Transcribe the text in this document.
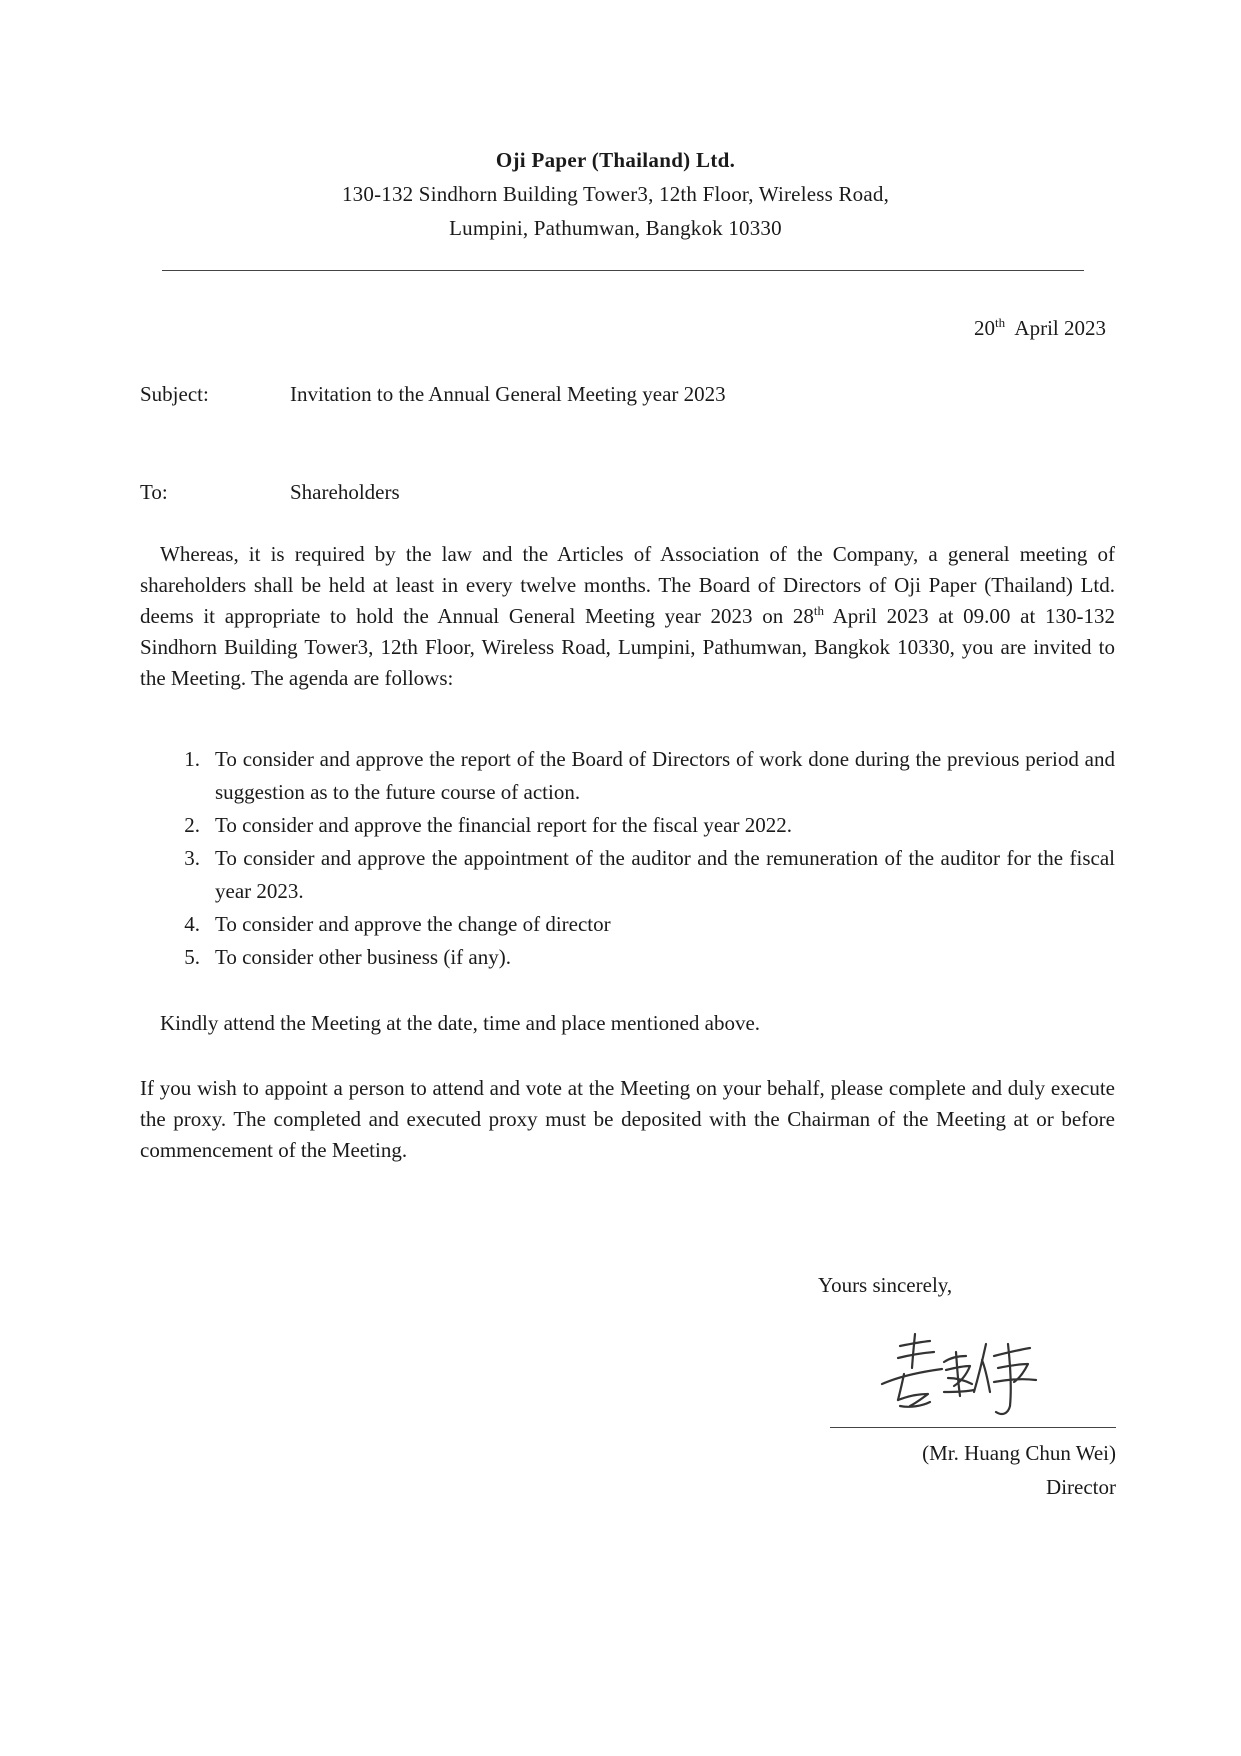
Oji Paper (Thailand) Ltd.
130-132 Sindhorn Building Tower3, 12th Floor, Wireless Road,
Lumpini, Pathumwan, Bangkok 10330
20th April 2023
Subject:	Invitation to the Annual General Meeting year 2023
To:	Shareholders
Whereas, it is required by the law and the Articles of Association of the Company, a general meeting of shareholders shall be held at least in every twelve months. The Board of Directors of Oji Paper (Thailand) Ltd. deems it appropriate to hold the Annual General Meeting year 2023 on 28th April 2023 at 09.00 at 130-132 Sindhorn Building Tower3, 12th Floor, Wireless Road, Lumpini, Pathumwan, Bangkok 10330, you are invited to the Meeting. The agenda are follows:
1. To consider and approve the report of the Board of Directors of work done during the previous period and suggestion as to the future course of action.
2. To consider and approve the financial report for the fiscal year 2022.
3. To consider and approve the appointment of the auditor and the remuneration of the auditor for the fiscal year 2023.
4. To consider and approve the change of director
5. To consider other business (if any).
Kindly attend the Meeting at the date, time and place mentioned above.
If you wish to appoint a person to attend and vote at the Meeting on your behalf, please complete and duly execute the proxy. The completed and executed proxy must be deposited with the Chairman of the Meeting at or before commencement of the Meeting.
Yours sincerely,
(Mr. Huang Chun Wei)
Director
